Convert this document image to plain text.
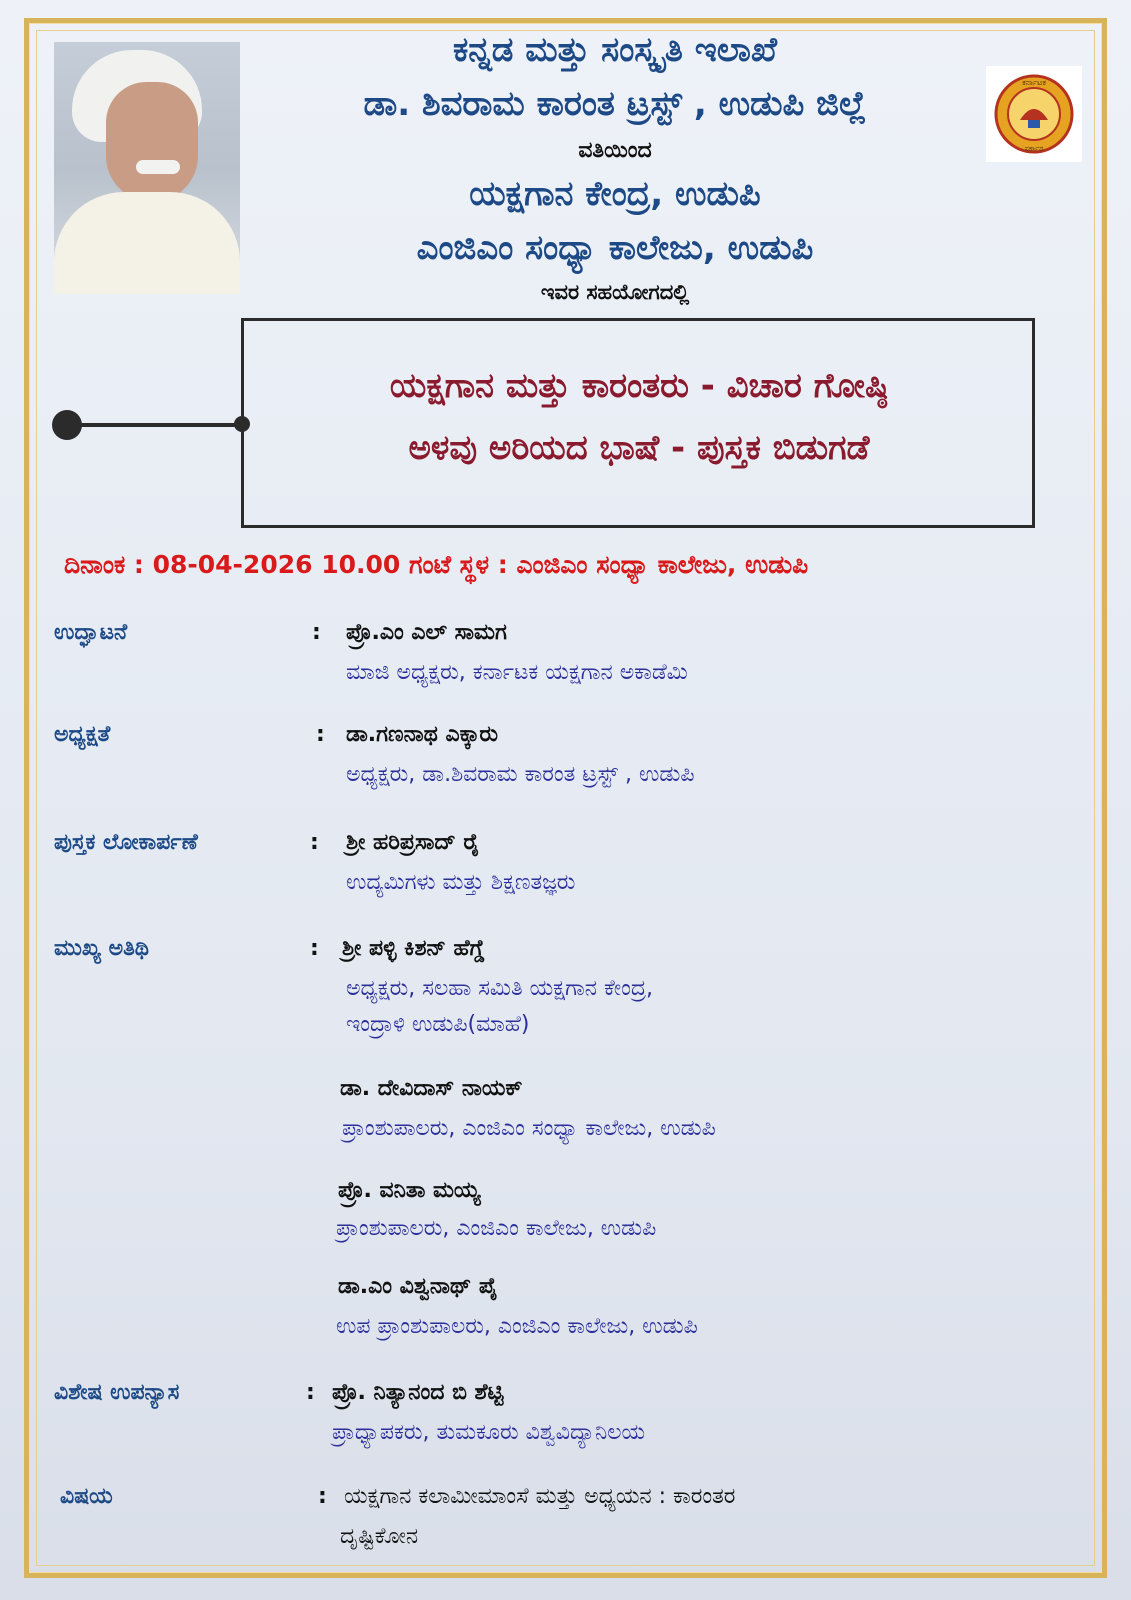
ಕರ್ನಾಟಕ
ಸರ್ಕಾರ
ಕನ್ನಡ ಮತ್ತು ಸಂಸ್ಕೃತಿ ಇಲಾಖೆ
ಡಾ. ಶಿವರಾಮ ಕಾರಂತ ಟ್ರಸ್ಟ್ , ಉಡುಪಿ ಜಿಲ್ಲೆ
ವತಿಯಿಂದ
ಯಕ್ಷಗಾನ ಕೇಂದ್ರ, ಉಡುಪಿ
ಎಂಜಿಎಂ ಸಂಧ್ಯಾ ಕಾಲೇಜು, ಉಡುಪಿ
ಇವರ ಸಹಯೋಗದಲ್ಲಿ
ಯಕ್ಷಗಾನ ಮತ್ತು ಕಾರಂತರು - ವಿಚಾರ ಗೋಷ್ಠಿ
ಅಳವು ಅರಿಯದ ಭಾಷೆ - ಪುಸ್ತಕ ಬಿಡುಗಡೆ
ದಿನಾಂಕ : 08-04-2026 10.00 ಗಂಟೆ ಸ್ಥಳ : ಎಂಜಿಎಂ ಸಂಧ್ಯಾ ಕಾಲೇಜು, ಉಡುಪಿ
ಉದ್ಘಾಟನೆ	: ಪ್ರೊ.ಎಂ ಎಲ್ ಸಾಮಗ
ಮಾಜಿ ಅಧ್ಯಕ್ಷರು, ಕರ್ನಾಟಕ ಯಕ್ಷಗಾನ ಅಕಾಡೆಮಿ
ಅಧ್ಯಕ್ಷತೆ	: ಡಾ.ಗಣನಾಥ ಎಕ್ಕಾರು
ಅಧ್ಯಕ್ಷರು, ಡಾ.ಶಿವರಾಮ ಕಾರಂತ ಟ್ರಸ್ಟ್ , ಉಡುಪಿ
ಪುಸ್ತಕ ಲೋಕಾರ್ಪಣೆ	: ಶ್ರೀ ಹರಿಪ್ರಸಾದ್ ರೈ
ಉದ್ಯಮಿಗಳು ಮತ್ತು ಶಿಕ್ಷಣತಜ್ಞರು
ಮುಖ್ಯ ಅತಿಥಿ	: ಶ್ರೀ ಪಳ್ಳಿ ಕಿಶನ್ ಹೆಗ್ಡೆ
ಅಧ್ಯಕ್ಷರು, ಸಲಹಾ ಸಮಿತಿ ಯಕ್ಷಗಾನ ಕೇಂದ್ರ,
ಇಂದ್ರಾಳಿ ಉಡುಪಿ(ಮಾಹೆ)
ಡಾ. ದೇವಿದಾಸ್ ನಾಯಕ್
ಪ್ರಾಂಶುಪಾಲರು, ಎಂಜಿಎಂ ಸಂಧ್ಯಾ ಕಾಲೇಜು, ಉಡುಪಿ
ಪ್ರೊ. ವನಿತಾ ಮಯ್ಯ
ಪ್ರಾಂಶುಪಾಲರು, ಎಂಜಿಎಂ ಕಾಲೇಜು, ಉಡುಪಿ
ಡಾ.ಎಂ ವಿಶ್ವನಾಥ್ ಪೈ
ಉಪ ಪ್ರಾಂಶುಪಾಲರು, ಎಂಜಿಎಂ ಕಾಲೇಜು, ಉಡುಪಿ
ವಿಶೇಷ ಉಪನ್ಯಾಸ	: ಪ್ರೊ. ನಿತ್ಯಾನಂದ ಬಿ ಶೆಟ್ಟಿ
ಪ್ರಾಧ್ಯಾಪಕರು, ತುಮಕೂರು ವಿಶ್ವವಿದ್ಯಾನಿಲಯ
ವಿಷಯ	: ಯಕ್ಷಗಾನ ಕಲಾಮೀಮಾಂಸೆ ಮತ್ತು ಅಧ್ಯಯನ : ಕಾರಂತರ
ದೃಷ್ಟಿಕೋನ
